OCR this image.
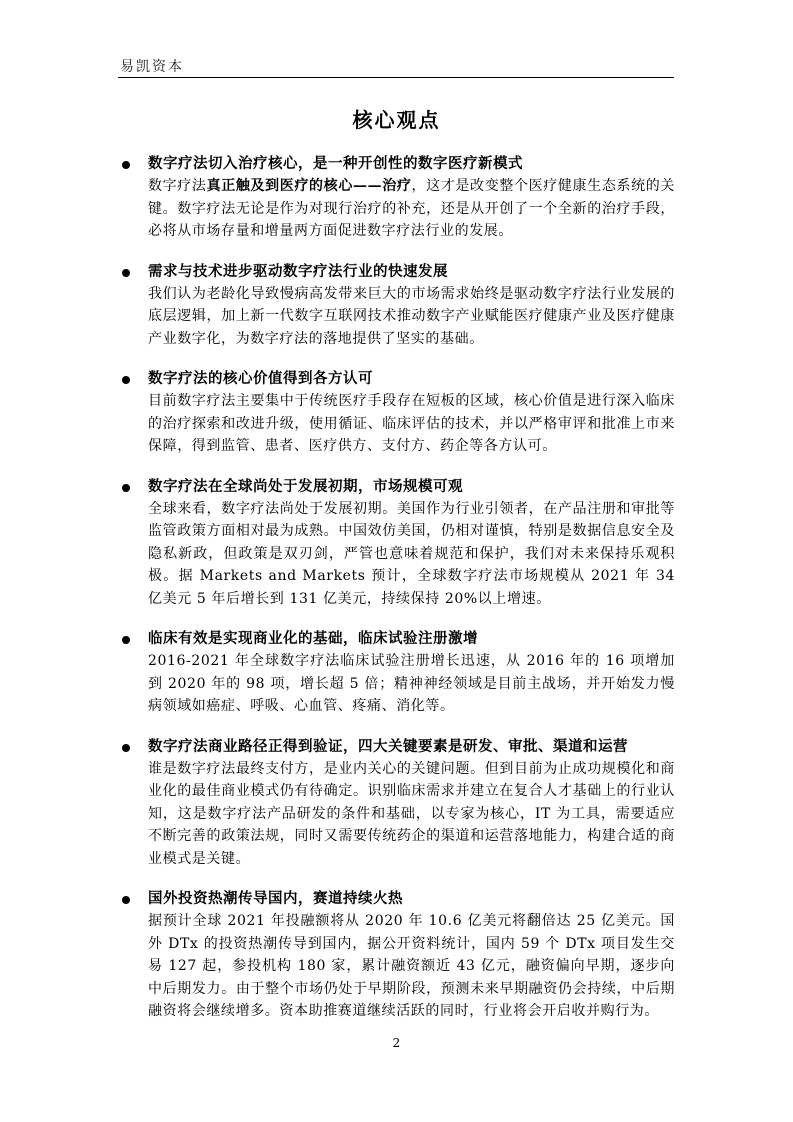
易凯资本
核心观点
数字疗法切入治疗核心，是一种开创性的数字医疗新模式
数字疗法真正触及到医疗的核心——治疗，这才是改变整个医疗健康生态系统的关键。数字疗法无论是作为对现行治疗的补充，还是从开创了一个全新的治疗手段，必将从市场存量和增量两方面促进数字疗法行业的发展。
需求与技术进步驱动数字疗法行业的快速发展
我们认为老龄化导致慢病高发带来巨大的市场需求始终是驱动数字疗法行业发展的底层逻辑，加上新一代数字互联网技术推动数字产业赋能医疗健康产业及医疗健康产业数字化，为数字疗法的落地提供了坚实的基础。
数字疗法的核心价值得到各方认可
目前数字疗法主要集中于传统医疗手段存在短板的区域，核心价值是进行深入临床的治疗探索和改进升级，使用循证、临床评估的技术，并以严格审评和批准上市来保障，得到监管、患者、医疗供方、支付方、药企等各方认可。
数字疗法在全球尚处于发展初期，市场规模可观
全球来看，数字疗法尚处于发展初期。美国作为行业引领者，在产品注册和审批等监管政策方面相对最为成熟。中国效仿美国，仍相对谨慎，特别是数据信息安全及隐私新政，但政策是双刃剑，严管也意味着规范和保护，我们对未来保持乐观积极。据 Markets and Markets 预计，全球数字疗法市场规模从 2021 年 34 亿美元 5 年后增长到 131 亿美元，持续保持 20%以上增速。
临床有效是实现商业化的基础，临床试验注册激增
2016-2021 年全球数字疗法临床试验注册增长迅速，从 2016 年的 16 项增加到 2020 年的 98 项，增长超 5 倍；精神神经领域是目前主战场，并开始发力慢病领域如癌症、呼吸、心血管、疼痛、消化等。
数字疗法商业路径正得到验证，四大关键要素是研发、审批、渠道和运营
谁是数字疗法最终支付方，是业内关心的关键问题。但到目前为止成功规模化和商业化的最佳商业模式仍有待确定。识别临床需求并建立在复合人才基础上的行业认知，这是数字疗法产品研发的条件和基础，以专家为核心，IT 为工具，需要适应不断完善的政策法规，同时又需要传统药企的渠道和运营落地能力，构建合适的商业模式是关键。
国外投资热潮传导国内，赛道持续火热
据预计全球 2021 年投融额将从 2020 年 10.6 亿美元将翻倍达 25 亿美元。国外 DTx 的投资热潮传导到国内，据公开资料统计，国内 59 个 DTx 项目发生交易 127 起，参投机构 180 家，累计融资额近 43 亿元，融资偏向早期，逐步向中后期发力。由于整个市场仍处于早期阶段，预测未来早期融资仍会持续，中后期融资将会继续增多。资本助推赛道继续活跃的同时，行业将会开启收并购行为。
2
